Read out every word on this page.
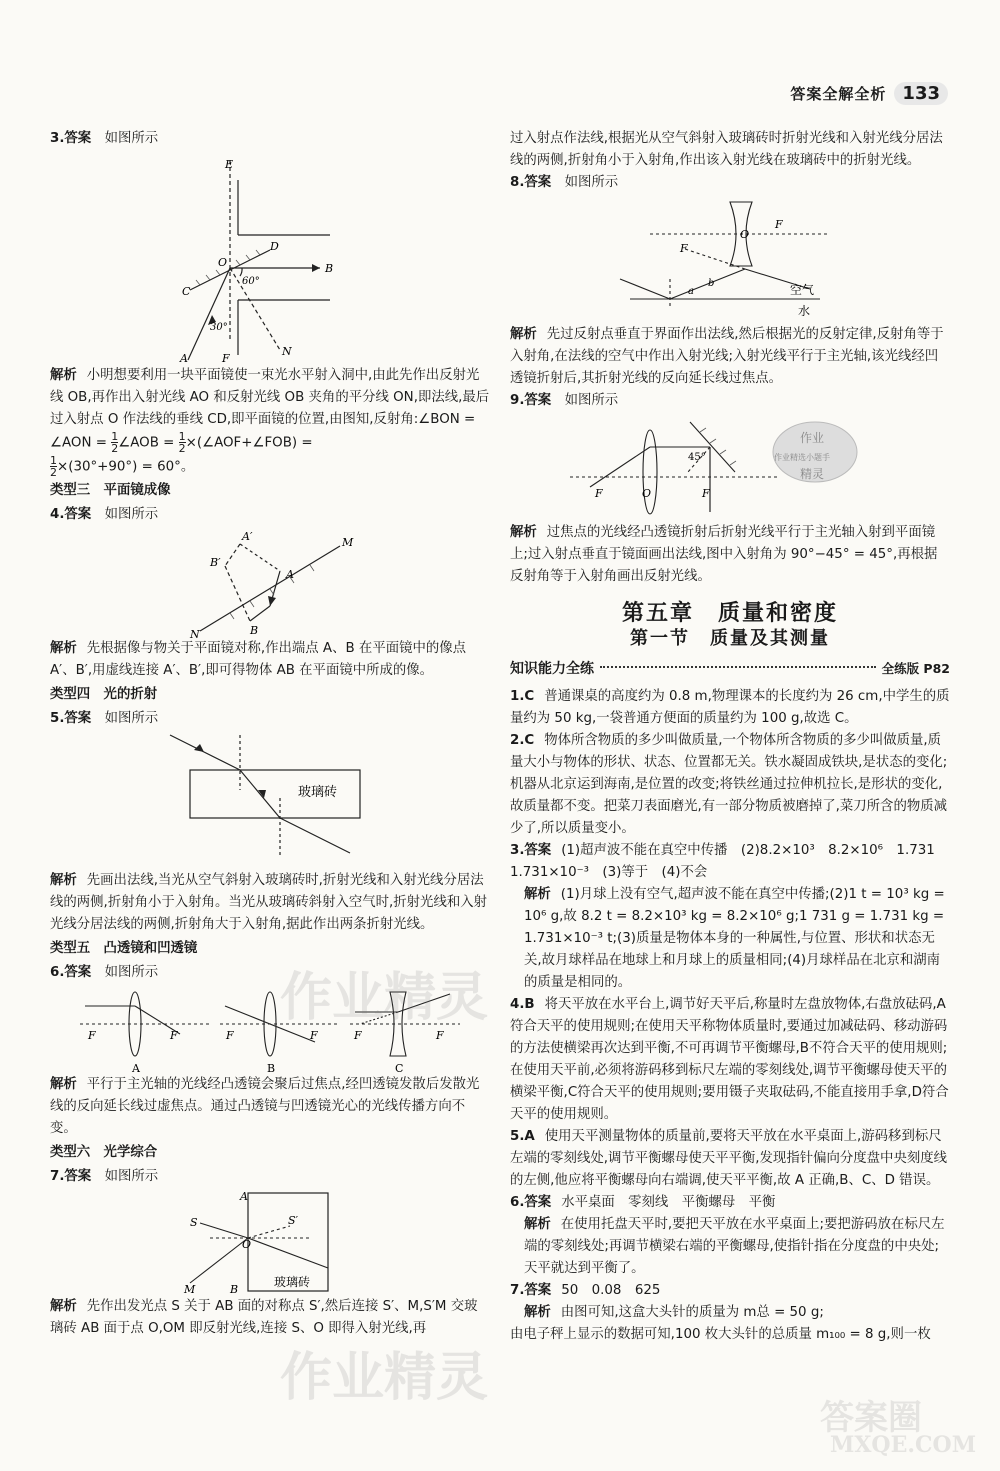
答案全解全析 133

3.答案　 如图所示

E
D
O	B
C
60°
30°
N
A	F

解析 小明想要利用一块平面镜使一束光水平射入洞中,由此先作出反射光线 OB,再作出入射光线 AO 和反射光线 OB 夹角的平分线 ON,即法线,最后过入射点 O 作法线的垂线 CD,即平面镜的位置,由图知,反射角:∠BON = ∠AON = $\frac{1}{2}$ ∠AOB = $\frac{1}{2}$ ×(∠AOF+∠FOB) =

$\frac{1}{2} \times(30^\circ+90^\circ) = 60^\circ$。

类型三　平面镜成像

4.答案　 如图所示

A′
B′
M
A
B
N

解析 先根据像与物关于平面镜对称,作出端点 A、B 在平面镜中的像点 A′、B′,用虚线连接 A′、B′,即可得物体 AB 在平面镜中所成的像。

类型四　光的折射

5.答案　 如图所示

玻璃砖

解析 先画出法线,当光从空气斜射入玻璃砖时,折射光线和入射光线分居法线的两侧,折射角小于入射角。当光从玻璃砖斜射入空气时,折射光线和入射光线分居法线的两侧,折射角大于入射角,据此作出两条折射光线。

类型五　凸透镜和凹透镜

6.答案　 如图所示

F	F	F	F	F	F
A	B	C

解析 平行于主光轴的光线经凸透镜会聚后过焦点,经凹透镜发散后发散光线的反向延长线过虚焦点。通过凸透镜与凹透镜光心的光线传播方向不变。

类型六　光学综合

7.答案　 如图所示

S	S′
A
O
M	B
玻璃砖

解析 先作出发光点 S 关于 AB 面的对称点 S′,然后连接 S′、M,S′M 交玻璃砖 AB 面于点 O,OM 即反射光线,连接 S、O 即得入射光线,再

过入射点作法线,根据光从空气斜射入玻璃砖时折射光线和入射光线分居法线的两侧,折射角小于入射角,作出该入射光线在玻璃砖中的折射光线。

8.答案　 如图所示

F
F
O
a
b	空气
水

解析 先过反射点垂直于界面作出法线,然后根据光的反射定律,反射角等于入射角,在法线的空气中作出入射光线;入射光线平行于主光轴,该光线经凹透镜折射后,其折射光线的反向延长线过焦点。

9.答案　 如图所示

F	F
O
45°
作业
作业精选小题手
精灵

解析 过焦点的光线经凸透镜折射后折射光线平行于主光轴入射到平面镜上;过入射点垂直于镜面画出法线,图中入射角为 90°−45° = 45°,再根据反射角等于入射角画出反射光线。

第五章　质量和密度
第一节　质量及其测量
知识能力全练	全练版 P82

1.C 普通课桌的高度约为 0.8 m,物理课本的长度约为 26 cm,中学生的质量约为 50 kg,一袋普通方便面的质量约为 100 g,故选 C。

2.C 物体所含物质的多少叫做质量,一个物体所含物质的多少叫做质量,质量大小与物体的形状、状态、位置都无关。铁水凝固成铁块,是状态的变化;机器从北京运到海南,是位置的改变;将铁丝通过拉伸机拉长,是形状的变化,故质量都不变。把菜刀表面磨光,有一部分物质被磨掉了,菜刀所含的物质减少了,所以质量变小。

3.答案 (1)超声波不能在真空中传播　(2)8.2×10³　8.2×10⁶　1.731　1.731×10⁻³　(3)等于　(4)不会

解析 (1)月球上没有空气,超声波不能在真空中传播;(2)1 t = 10³ kg = 10⁶ g,故 8.2 t = 8.2×10³ kg = 8.2×10⁶ g;1 731 g = 1.731 kg = 1.731×10⁻³ t;(3)质量是物体本身的一种属性,与位置、形状和状态无关,故月球样品在地球上和月球上的质量相同;(4)月球样品在北京和湖南的质量是相同的。

4.B 将天平放在水平台上,调节好天平后,称量时左盘放物体,右盘放砝码,A符合天平的使用规则;在使用天平称物体质量时,要通过加减砝码、移动游码的方法使横梁再次达到平衡,不可再调节平衡螺母,B不符合天平的使用规则;在使用天平前,必须将游码移到标尺左端的零刻线处,调节平衡螺母使天平的横梁平衡,C符合天平的使用规则;要用镊子夹取砝码,不能直接用手拿,D符合天平的使用规则。

5.A 使用天平测量物体的质量前,要将天平放在水平桌面上,游码移到标尺左端的零刻线处,调节平衡螺母使天平平衡,发现指针偏向分度盘中央刻度线的左侧,他应将平衡螺母向右端调,使天平平衡,故 A 正确,B、C、D 错误。

6.答案 水平桌面　零刻线　平衡螺母　平衡

解析 在使用托盘天平时,要把天平放在水平桌面上;要把游码放在标尺左端的零刻线处;再调节横梁右端的平衡螺母,使指针指在分度盘的中央处;天平就达到平衡了。

7.答案 50　0.08　625

解析 由图可知,这盒大头针的质量为 m总 = 50 g;

由电子秤上显示的数据可知,100 枚大头针的总质量 m₁₀₀ = 8 g,则一枚

作业精灵
作业精灵
答案圈
MXQE.COM
